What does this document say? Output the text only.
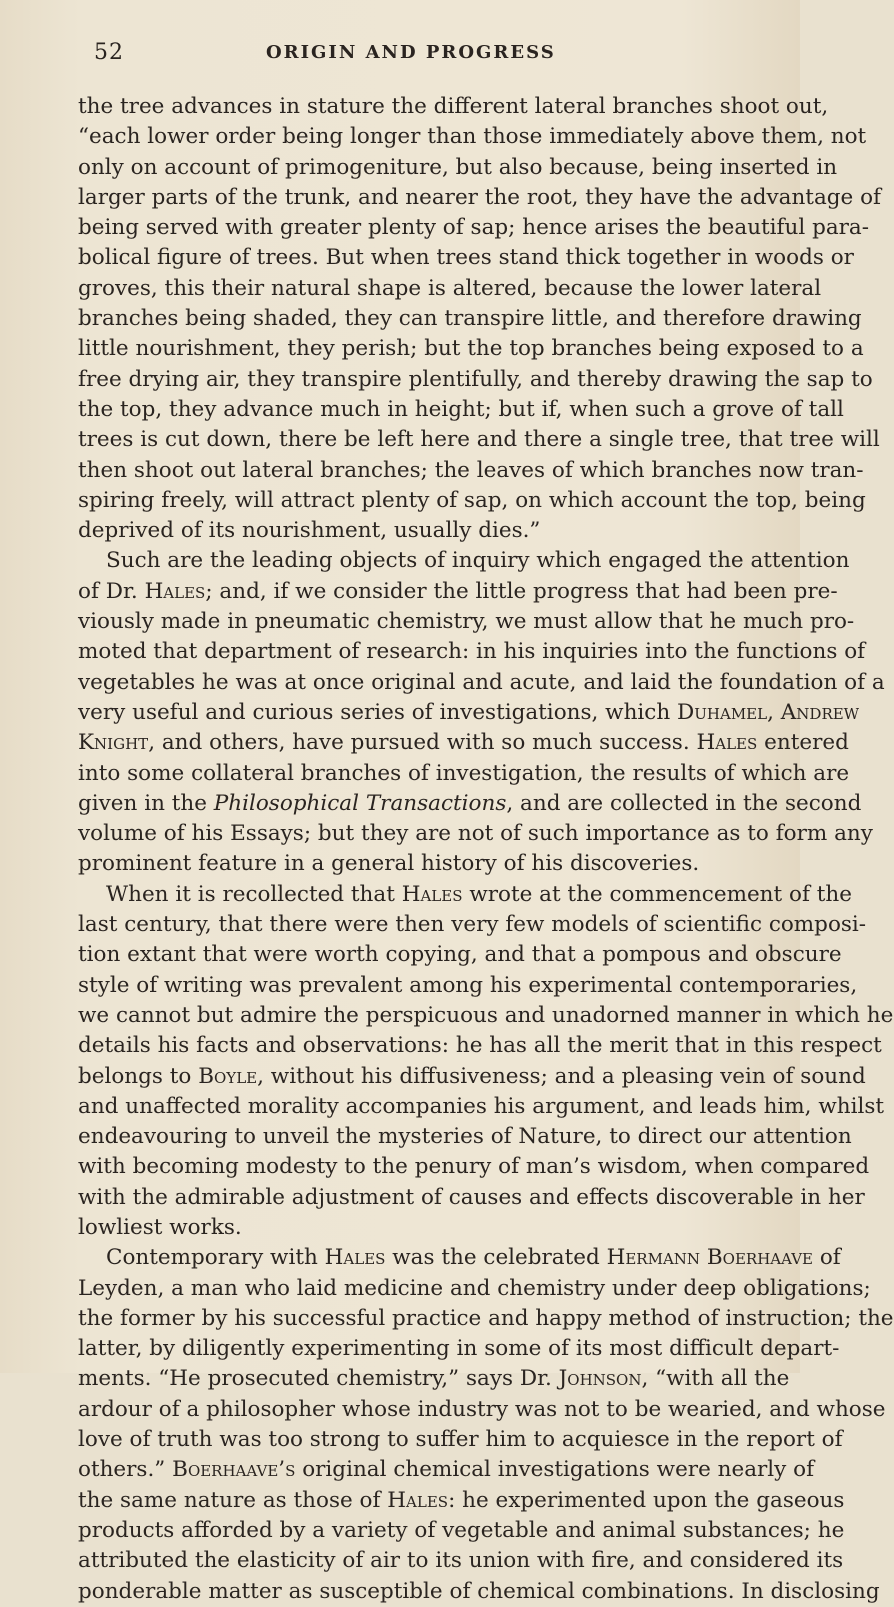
52	ORIGIN AND PROGRESS
the tree advances in stature the different lateral branches shoot out,
“each lower order being longer than those immediately above them, not
only on account of primogeniture, but also because, being inserted in
larger parts of the trunk, and nearer the root, they have the advantage of
being served with greater plenty of sap; hence arises the beautiful para-
bolical figure of trees. But when trees stand thick together in woods or
groves, this their natural shape is altered, because the lower lateral
branches being shaded, they can transpire little, and therefore drawing
little nourishment, they perish; but the top branches being exposed to a
free drying air, they transpire plentifully, and thereby drawing the sap to
the top, they advance much in height; but if, when such a grove of tall
trees is cut down, there be left here and there a single tree, that tree will
then shoot out lateral branches; the leaves of which branches now tran-
spiring freely, will attract plenty of sap, on which account the top, being
deprived of its nourishment, usually dies.”
Such are the leading objects of inquiry which engaged the attention
of Dr. Hales; and, if we consider the little progress that had been pre-
viously made in pneumatic chemistry, we must allow that he much pro-
moted that department of research: in his inquiries into the functions of
vegetables he was at once original and acute, and laid the foundation of a
very useful and curious series of investigations, which Duhamel, Andrew
Knight, and others, have pursued with so much success. Hales entered
into some collateral branches of investigation, the results of which are
given in the Philosophical Transactions, and are collected in the second
volume of his Essays; but they are not of such importance as to form any
prominent feature in a general history of his discoveries.
When it is recollected that Hales wrote at the commencement of the
last century, that there were then very few models of scientific composi-
tion extant that were worth copying, and that a pompous and obscure
style of writing was prevalent among his experimental contemporaries,
we cannot but admire the perspicuous and unadorned manner in which he
details his facts and observations: he has all the merit that in this respect
belongs to Boyle, without his diffusiveness; and a pleasing vein of sound
and unaffected morality accompanies his argument, and leads him, whilst
endeavouring to unveil the mysteries of Nature, to direct our attention
with becoming modesty to the penury of man’s wisdom, when compared
with the admirable adjustment of causes and effects discoverable in her
lowliest works.
Contemporary with Hales was the celebrated Hermann Boerhaave of
Leyden, a man who laid medicine and chemistry under deep obligations;
the former by his successful practice and happy method of instruction; the
latter, by diligently experimenting in some of its most difficult depart-
ments. “He prosecuted chemistry,” says Dr. Johnson, “with all the
ardour of a philosopher whose industry was not to be wearied, and whose
love of truth was too strong to suffer him to acquiesce in the report of
others.” Boerhaave’s original chemical investigations were nearly of
the same nature as those of Hales: he experimented upon the gaseous
products afforded by a variety of vegetable and animal substances; he
attributed the elasticity of air to its union with fire, and considered its
ponderable matter as susceptible of chemical combinations. In disclosing
